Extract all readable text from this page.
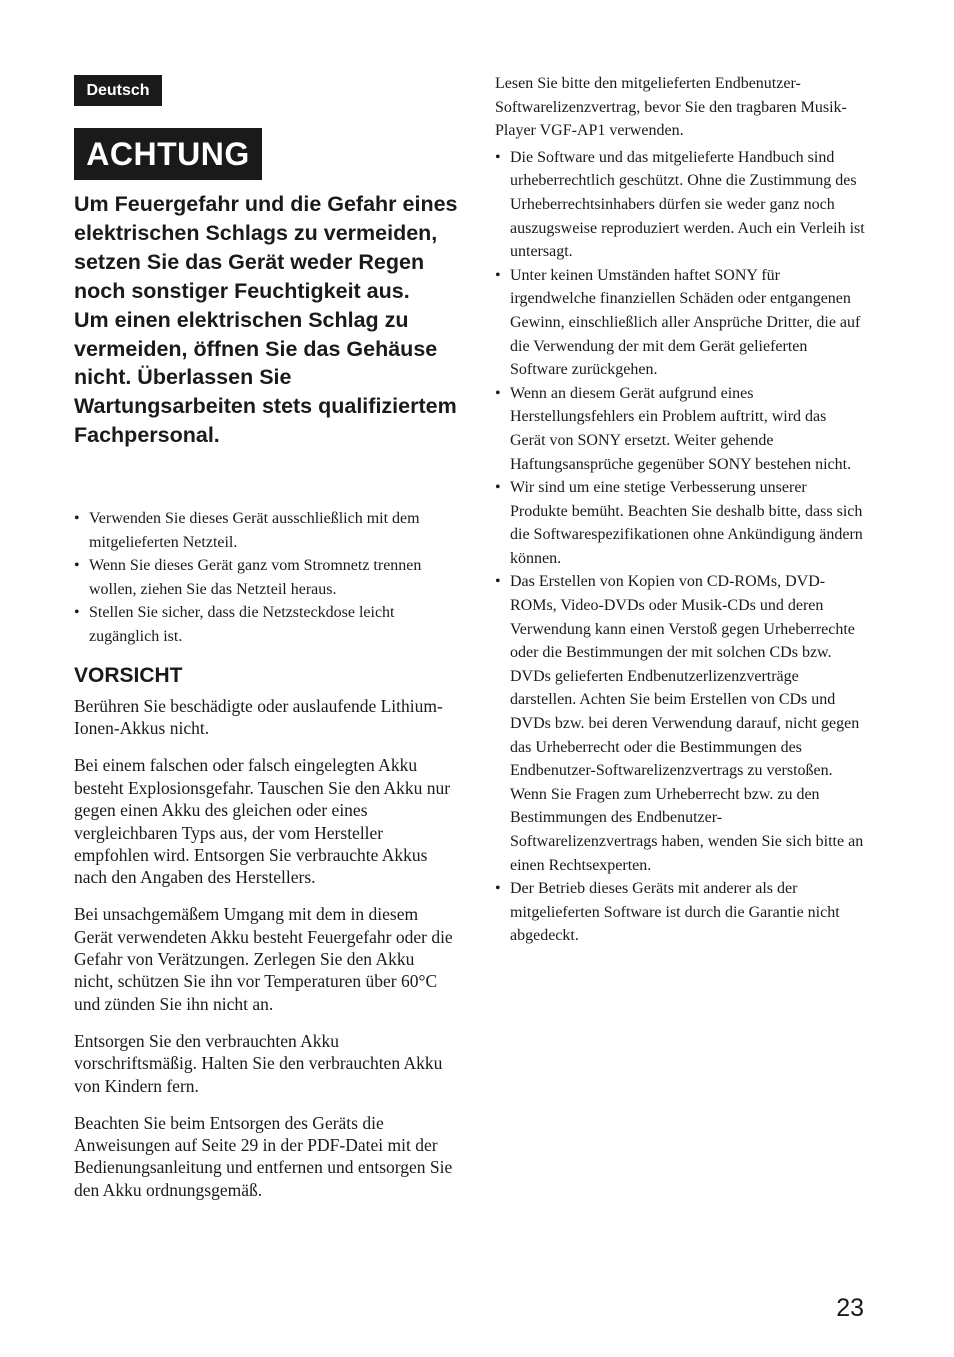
Deutsch
ACHTUNG

Um Feuergefahr und die Gefahr eines elektrischen Schlags zu vermeiden, setzen Sie das Gerät weder Regen noch sonstiger Feuchtigkeit aus.

Um einen elektrischen Schlag zu vermeiden, öffnen Sie das Gehäuse nicht. Überlassen Sie Wartungsarbeiten stets qualifiziertem Fachpersonal.

• Verwenden Sie dieses Gerät ausschließlich mit dem mitgelieferten Netzteil.
• Wenn Sie dieses Gerät ganz vom Stromnetz trennen wollen, ziehen Sie das Netzteil heraus.
• Stellen Sie sicher, dass die Netzsteckdose leicht zugänglich ist.
VORSICHT

Berühren Sie beschädigte oder auslaufende Lithium-Ionen-Akkus nicht.

Bei einem falschen oder falsch eingelegten Akku besteht Explosionsgefahr. Tauschen Sie den Akku nur gegen einen Akku des gleichen oder eines vergleichbaren Typs aus, der vom Hersteller empfohlen wird. Entsorgen Sie verbrauchte Akkus nach den Angaben des Herstellers.

Bei unsachgemäßem Umgang mit dem in diesem Gerät verwendeten Akku besteht Feuergefahr oder die Gefahr von Verätzungen. Zerlegen Sie den Akku nicht, schützen Sie ihn vor Temperaturen über 60°C und zünden Sie ihn nicht an.

Entsorgen Sie den verbrauchten Akku vorschriftsmäßig. Halten Sie den verbrauchten Akku von Kindern fern.

Beachten Sie beim Entsorgen des Geräts die Anweisungen auf Seite 29 in der PDF-Datei mit der Bedienungsanleitung und entfernen und entsorgen Sie den Akku ordnungsgemäß.

Lesen Sie bitte den mitgelieferten Endbenutzer-Softwarelizenzvertrag, bevor Sie den tragbaren Musik-Player VGF-AP1 verwenden.

• Die Software und das mitgelieferte Handbuch sind urheberrechtlich geschützt. Ohne die Zustimmung des Urheberrechtsinhabers dürfen sie weder ganz noch auszugsweise reproduziert werden. Auch ein Verleih ist untersagt.
• Unter keinen Umständen haftet SONY für irgendwelche finanziellen Schäden oder entgangenen Gewinn, einschließlich aller Ansprüche Dritter, die auf die Verwendung der mit dem Gerät gelieferten Software zurückgehen.
• Wenn an diesem Gerät aufgrund eines Herstellungsfehlers ein Problem auftritt, wird das Gerät von SONY ersetzt. Weiter gehende Haftungsansprüche gegenüber SONY bestehen nicht.
• Wir sind um eine stetige Verbesserung unserer Produkte bemüht. Beachten Sie deshalb bitte, dass sich die Softwarespezifikationen ohne Ankündigung ändern können.
• Das Erstellen von Kopien von CD-ROMs, DVD-ROMs, Video-DVDs oder Musik-CDs und deren Verwendung kann einen Verstoß gegen Urheberrechte oder die Bestimmungen der mit solchen CDs bzw. DVDs gelieferten Endbenutzerlizenzverträge darstellen. Achten Sie beim Erstellen von CDs und DVDs bzw. bei deren Verwendung darauf, nicht gegen das Urheberrecht oder die Bestimmungen des Endbenutzer-Softwarelizenzvertrags zu verstoßen. Wenn Sie Fragen zum Urheberrecht bzw. zu den Bestimmungen des Endbenutzer-Softwarelizenzvertrags haben, wenden Sie sich bitte an einen Rechtsexperten.
• Der Betrieb dieses Geräts mit anderer als der mitgelieferten Software ist durch die Garantie nicht abgedeckt.
23
